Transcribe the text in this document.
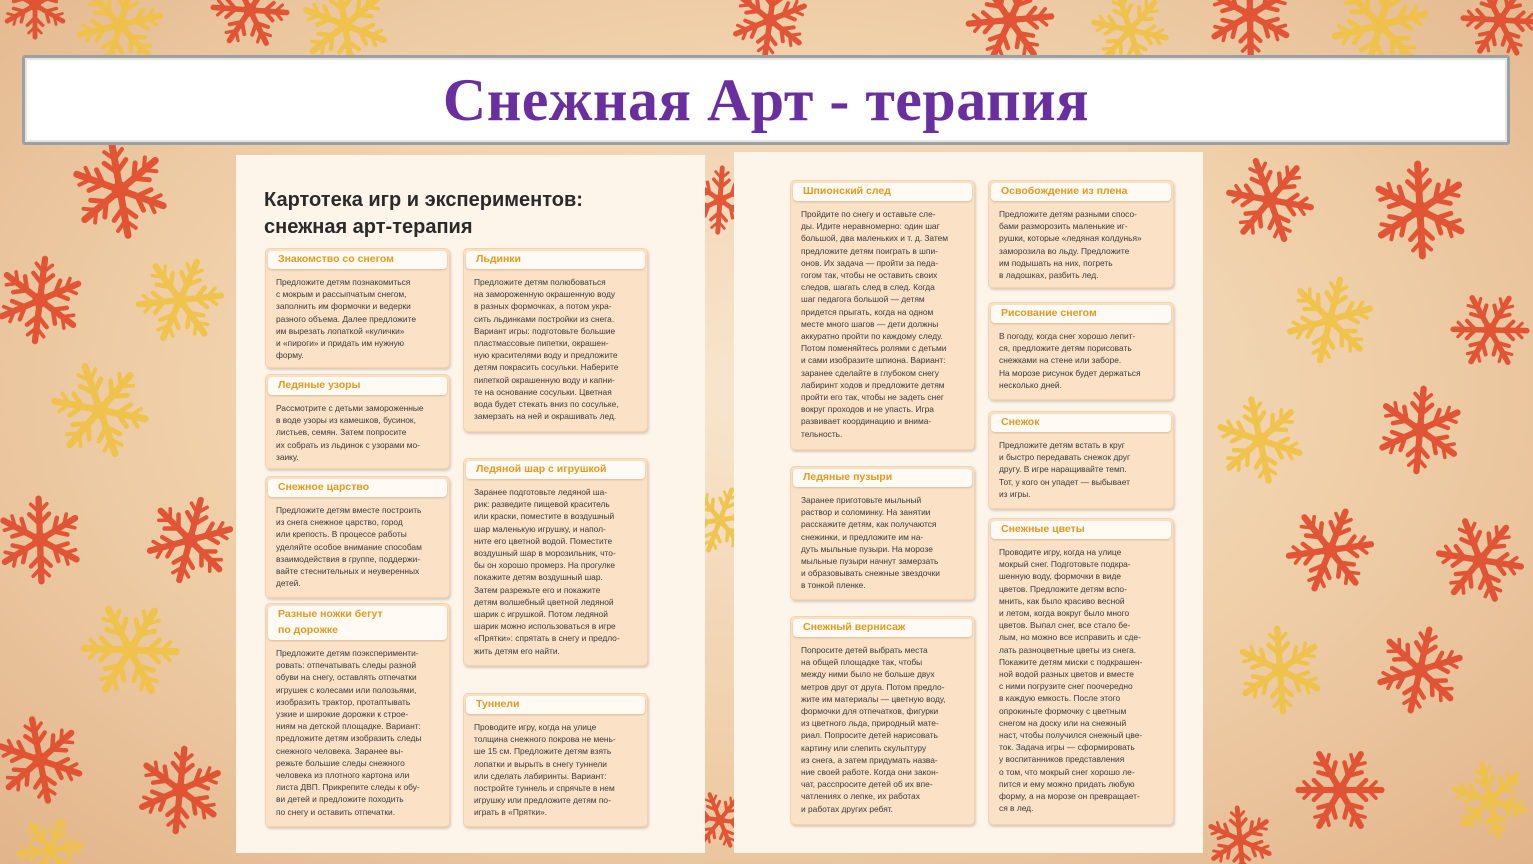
Снежная Арт - терапия
Картотека игр и экспериментов:
снежная арт-терапия
Знакомство со снегом
Предложите детям познакомиться
с мокрым и рассыпчатым снегом,
заполнить им формочки и ведерки
разного объема. Далее предложите
им вырезать лопаткой «кулички»
и «пироги» и придать им нужную
форму.
Льдинки
Предложите детям полюбоваться
на замороженную окрашенную воду
в разных формочках, а потом укра-
сить льдинками постройки из снега.
Вариант игры: подготовьте большие
пластмассовые пипетки, окрашен-
ную красителями воду и предложите
детям покрасить сосульки. Наберите
пипеткой окрашенную воду и капни-
те на основание сосульки. Цветная
вода будет стекать вниз по сосульке,
замерзать на ней и окрашивать лед.
Ледяные узоры
Рассмотрите с детьми замороженные
в воде узоры из камешков, бусинок,
листьев, семян. Затем попросите
их собрать из льдинок с узорами мо-
заику.
Снежное царство
Предложите детям вместе построить
из снега снежное царство, город
или крепость. В процессе работы
уделяйте особое внимание способам
взаимодействия в группе, поддержи-
вайте стеснительных и неуверенных
детей.
Ледяной шар с игрушкой
Заранее подготовьте ледяной ша-
рик: разведите пищевой краситель
или краски, поместите в воздушный
шар маленькую игрушку, и напол-
ните его цветной водой. Поместите
воздушный шар в морозильник, что-
бы он хорошо промерз. На прогулке
покажите детям воздушный шар.
Затем разрежьте его и покажите
детям волшебный цветной ледяной
шарик с игрушкой. Потом ледяной
шарик можно использоваться в игре
«Прятки»: спрятать в снегу и предло-
жить детям его найти.
Разные ножки бегут
по дорожке
Предложите детям поэксперименти-
ровать: отпечатывать следы разной
обуви на снегу, оставлять отпечатки
игрушек с колесами или полозьями,
изобразить трактор, протаптывать
узкие и широкие дорожки к строе-
ниям на детской площадке. Вариант:
предложите детям изобразить следы
снежного человека. Заранее вы-
режьте большие следы снежного
человека из плотного картона или
листа ДВП. Прикрепите следы к обу-
ви детей и предложите походить
по снегу и оставить отпечатки.
Туннели
Проводите игру, когда на улице
толщина снежного покрова не мень-
ше 15 см. Предложите детям взять
лопатки и вырыть в снегу туннели
или сделать лабиринты. Вариант:
постройте туннель и спрячьте в нем
игрушку или предложите детям по-
играть в «Прятки».
Шпионский след
Пройдите по снегу и оставьте сле-
ды. Идите неравномерно: один шаг
большой, два маленьких и т. д. Затем
предложите детям поиграть в шпи-
онов. Их задача — пройти за педа-
гогом так, чтобы не оставить своих
следов, шагать след в след. Когда
шаг педагога большой — детям
придется прыгать, когда на одном
месте много шагов — дети должны
аккуратно пройти по каждому следу.
Потом поменяйтесь ролями с детьми
и сами изобразите шпиона. Вариант:
заранее сделайте в глубоком снегу
лабиринт ходов и предложите детям
пройти его так, чтобы не задеть снег
вокруг проходов и не упасть. Игра
развивает координацию и внима-
тельность.
Освобождение из плена
Предложите детям разными спосо-
бами разморозить маленькие иг-
рушки, которые «ледяная колдунья»
заморозила во льду. Предложите
им подышать на них, погреть
в ладошках, разбить лед.
Рисование снегом
В погоду, когда снег хорошо лепит-
ся, предложите детям порисовать
снежками на стене или заборе.
На морозе рисунок будет держаться
несколько дней.
Снежок
Предложите детям встать в круг
и быстро передавать снежок друг
другу. В игре наращивайте темп.
Тот, у кого он упадет — выбывает
из игры.
Ледяные пузыри
Заранее приготовьте мыльный
раствор и соломинку. На занятии
расскажите детям, как получаются
снежинки, и предложите им на-
дуть мыльные пузыри. На морозе
мыльные пузыри начнут замерзать
и образовывать снежные звездочки
в тонкой пленке.
Снежные цветы
Проводите игру, когда на улице
мокрый снег. Подготовьте подкра-
шенную воду, формочки в виде
цветов. Предложите детям вспо-
мнить, как было красиво весной
и летом, когда вокруг было много
цветов. Выпал снег, все стало бе-
лым, но можно все исправить и сде-
лать разноцветные цветы из снега.
Покажите детям миски с подкрашен-
ной водой разных цветов и вместе
с ними погрузите снег поочередно
в каждую емкость. После этого
опрокиньте формочку с цветным
снегом на доску или на снежный
наст, чтобы получился снежный цве-
ток. Задача игры — сформировать
у воспитанников представления
о том, что мокрый снег хорошо ле-
пится и ему можно придать любую
форму, а на морозе он превращает-
ся в лед.
Снежный вернисаж
Попросите детей выбрать места
на общей площадке так, чтобы
между ними было не больше двух
метров друг от друга. Потом предло-
жите им материалы — цветную воду,
формочки для отпечатков, фигурки
из цветного льда, природный мате-
риал. Попросите детей нарисовать
картину или слепить скульптуру
из снега, а затем придумать назва-
ние своей работе. Когда они закон-
чат, расспросите детей об их впе-
чатлениях о лепке, их работах
и работах других ребят.
